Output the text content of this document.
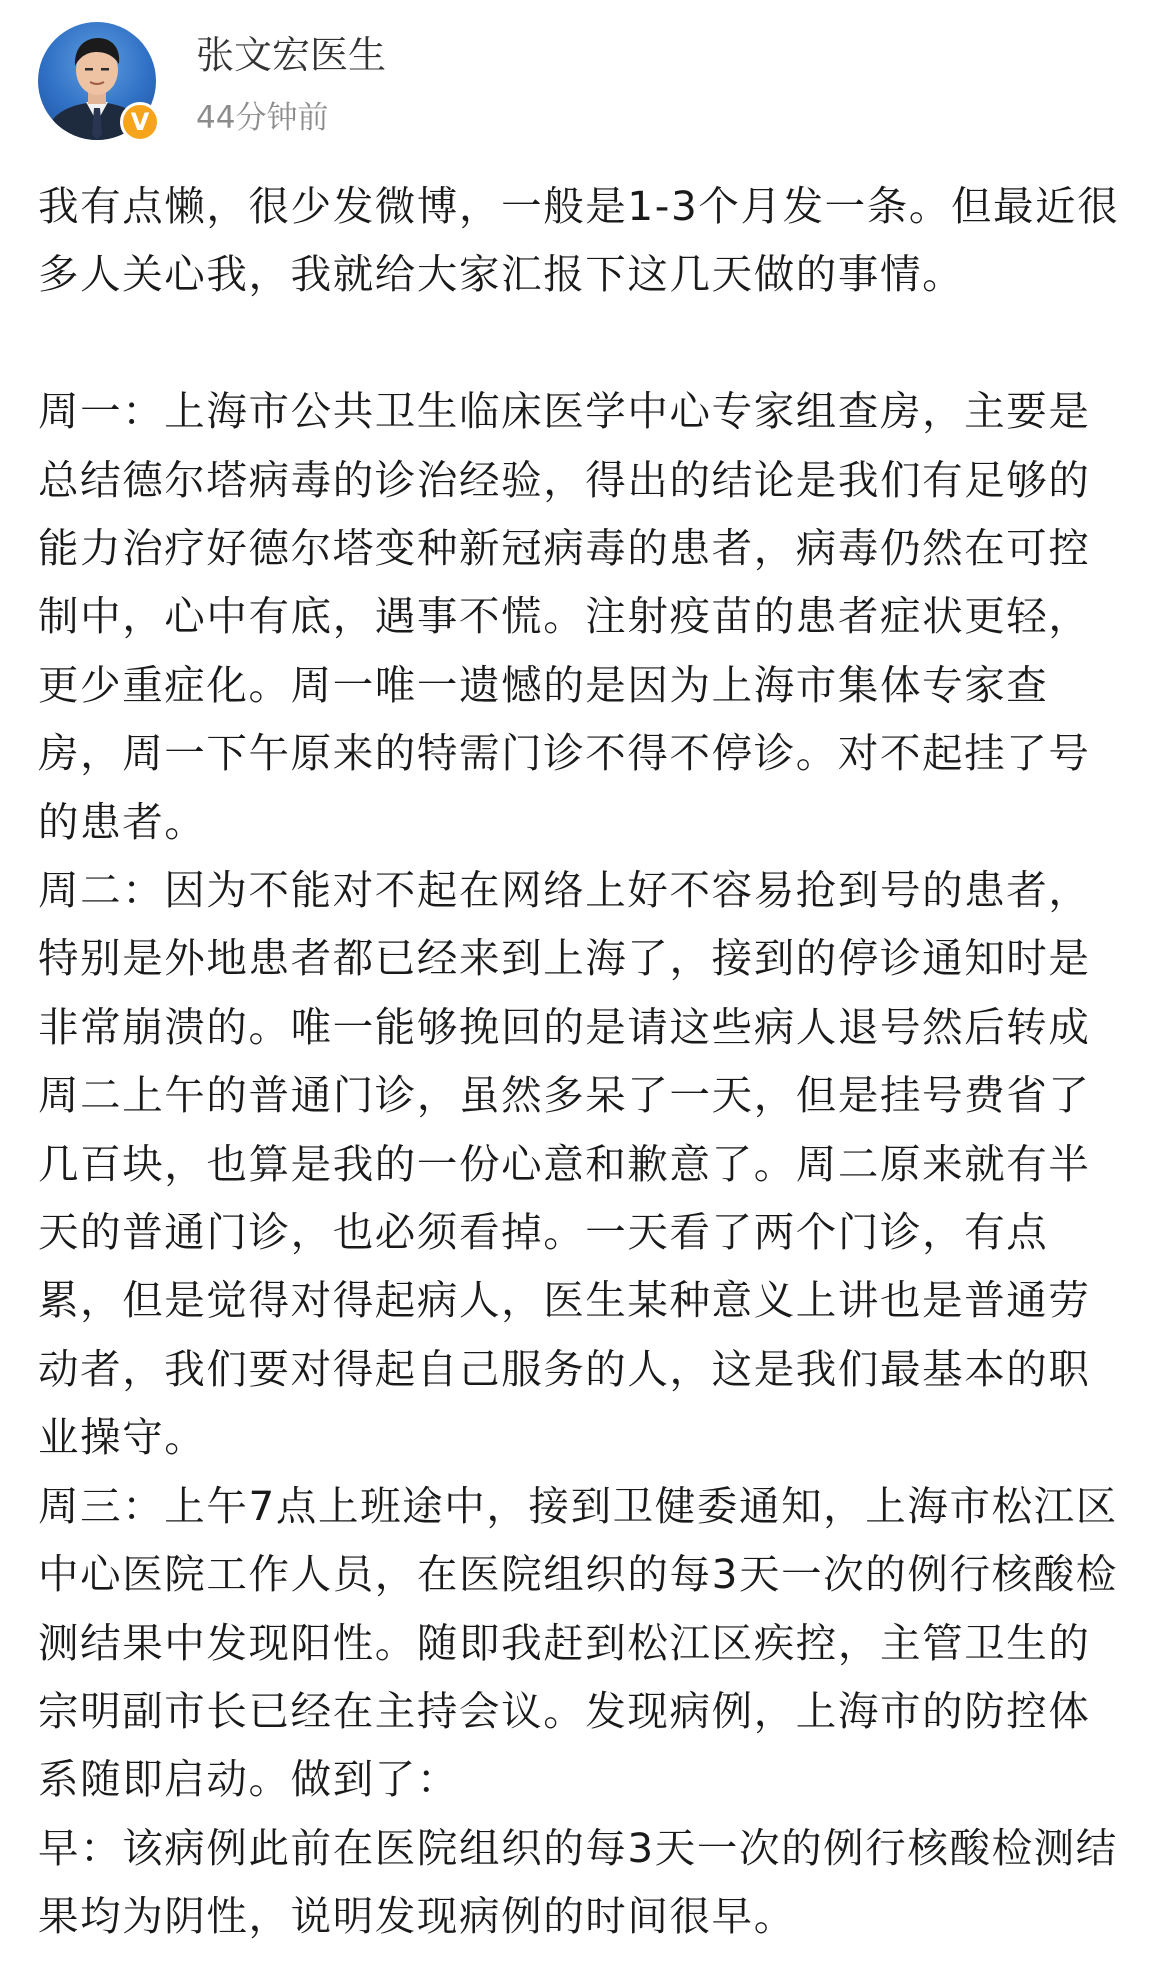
V
张文宏医生
44分钟前

我有点懒，很少发微博，一般是1-3个月发一条。但最近很多人关心我，我就给大家汇报下这几天做的事情。

周一：上海市公共卫生临床医学中心专家组查房，主要是总结德尔塔病毒的诊治经验，得出的结论是我们有足够的能力治疗好德尔塔变种新冠病毒的患者，病毒仍然在可控制中，心中有底，遇事不慌。注射疫苗的患者症状更轻，更少重症化。周一唯一遗憾的是因为上海市集体专家查房，周一下午原来的特需门诊不得不停诊。对不起挂了号的患者。

周二：因为不能对不起在网络上好不容易抢到号的患者，特别是外地患者都已经来到上海了，接到的停诊通知时是非常崩溃的。唯一能够挽回的是请这些病人退号然后转成周二上午的普通门诊，虽然多呆了一天，但是挂号费省了几百块，也算是我的一份心意和歉意了。周二原来就有半天的普通门诊，也必须看掉。一天看了两个门诊，有点累，但是觉得对得起病人，医生某种意义上讲也是普通劳动者，我们要对得起自己服务的人，这是我们最基本的职业操守。

周三：上午7点上班途中，接到卫健委通知，上海市松江区中心医院工作人员，在医院组织的每3天一次的例行核酸检测结果中发现阳性。随即我赶到松江区疾控，主管卫生的宗明副市长已经在主持会议。发现病例，上海市的防控体系随即启动。做到了：

早：该病例此前在医院组织的每3天一次的例行核酸检测结果均为阴性，说明发现病例的时间很早。
